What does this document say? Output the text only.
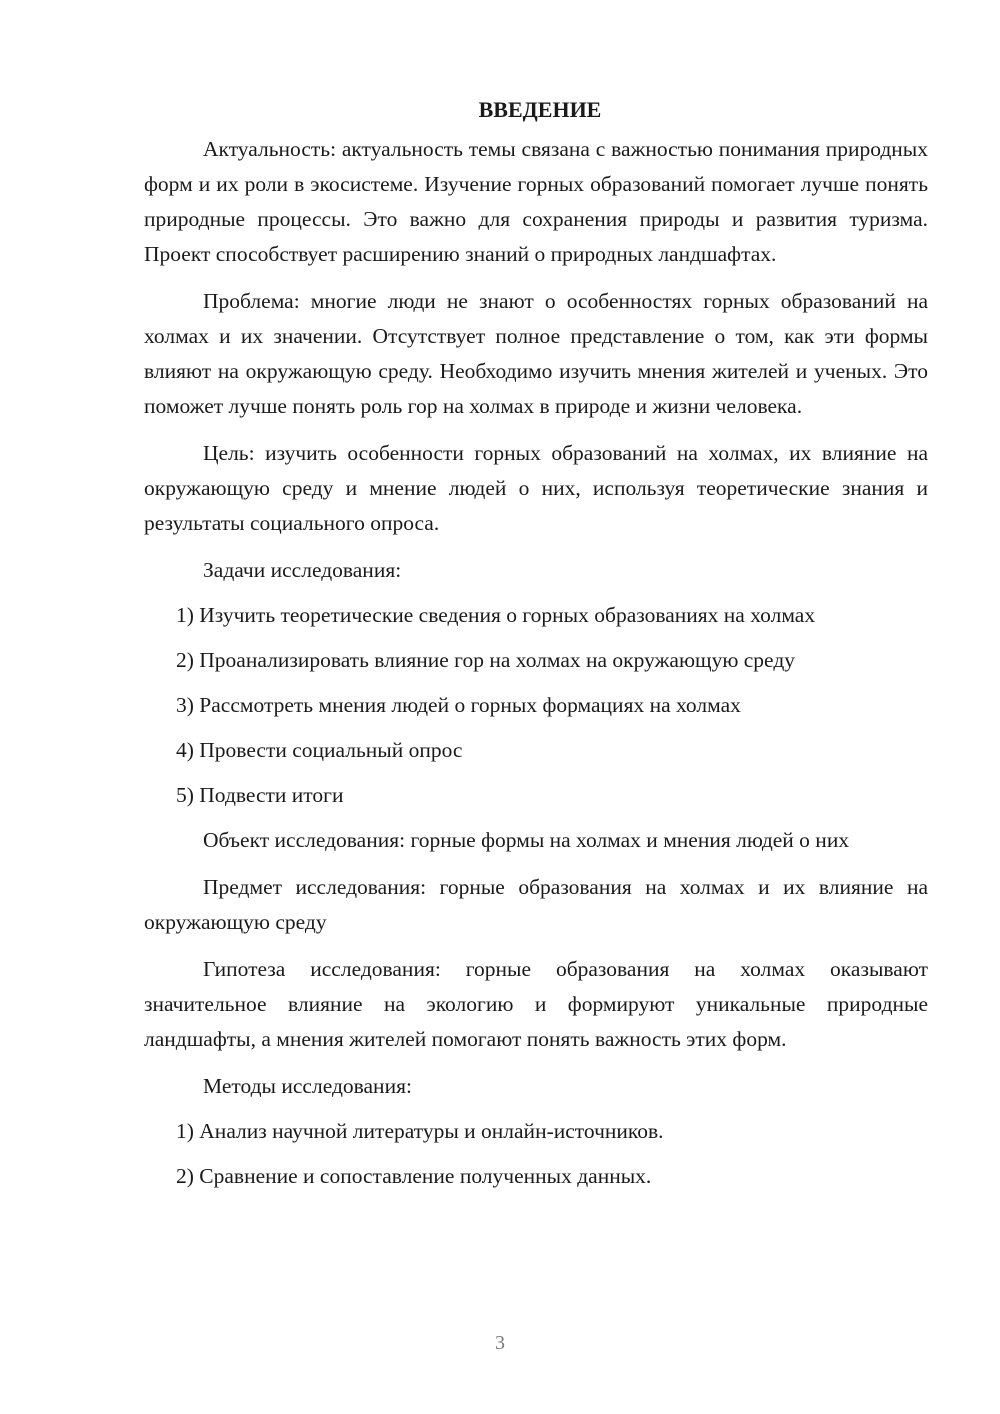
ВВЕДЕНИЕ

Актуальность: актуальность темы связана с важностью понимания природных форм и их роли в экосистеме. Изучение горных образований помогает лучше понять природные процессы. Это важно для сохранения природы и развития туризма. Проект способствует расширению знаний о природных ландшафтах.

Проблема: многие люди не знают о особенностях горных образований на холмах и их значении. Отсутствует полное представление о том, как эти формы влияют на окружающую среду. Необходимо изучить мнения жителей и ученых. Это поможет лучше понять роль гор на холмах в природе и жизни человека.

Цель: изучить особенности горных образований на холмах, их влияние на окружающую среду и мнение людей о них, используя теоретические знания и результаты социального опроса.

Задачи исследования:

1) Изучить теоретические сведения о горных образованиях на холмах
2) Проанализировать влияние гор на холмах на окружающую среду
3) Рассмотреть мнения людей о горных формациях на холмах
4) Провести социальный опрос
5) Подвести итоги

Объект исследования: горные формы на холмах и мнения людей о них

Предмет исследования: горные образования на холмах и их влияние на окружающую среду

Гипотеза исследования: горные образования на холмах оказывают значительное влияние на экологию и формируют уникальные природные ландшафты, а мнения жителей помогают понять важность этих форм.

Методы исследования:

1) Анализ научной литературы и онлайн-источников.
2) Сравнение и сопоставление полученных данных.
3
